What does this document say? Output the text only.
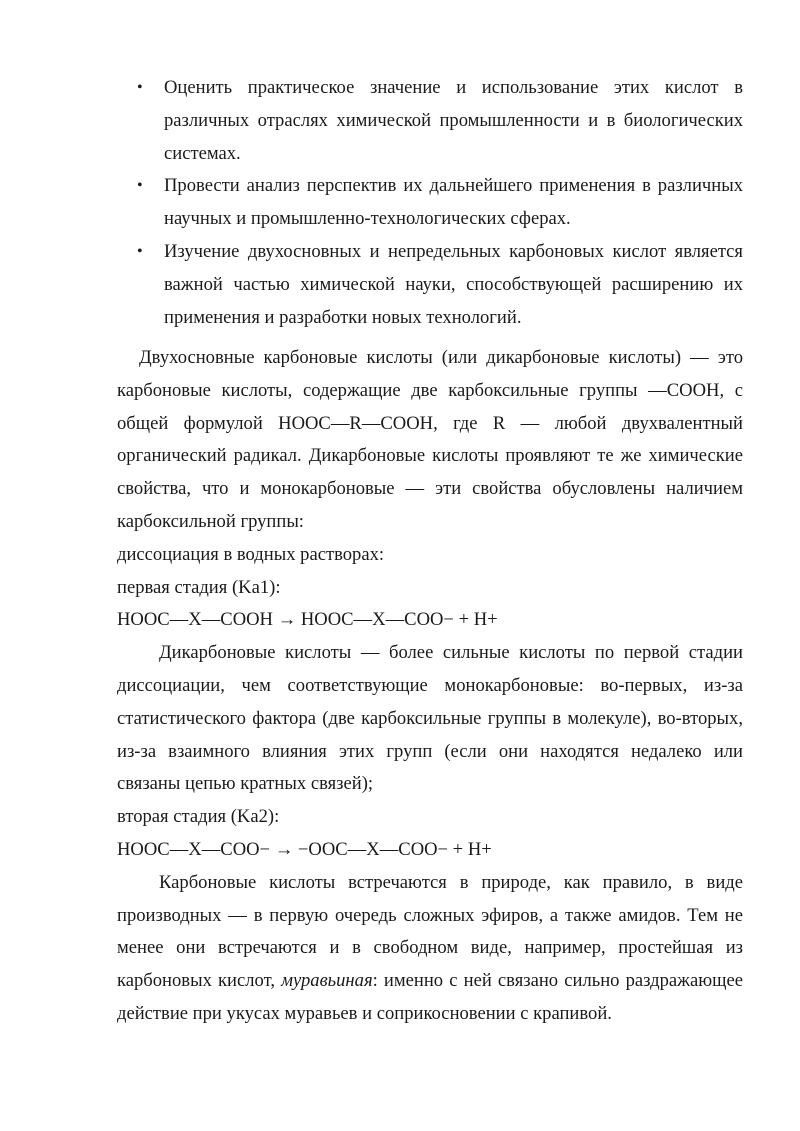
•	Оценить практическое значение и использование этих кислот в различных отраслях химической промышленности и в биологических системах.
•	Провести анализ перспектив их дальнейшего применения в различных научных и промышленно-технологических сферах.
•	Изучение двухосновных и непредельных карбоновых кислот является важной частью химической науки, способствующей расширению их применения и разработки новых технологий.

Двухосновные карбоновые кислоты (или дикарбоновые кислоты) — это карбоновые кислоты, содержащие две карбоксильные группы —COOH, с общей формулой HOOC—R—COOH, где R — любой двухвалентный органический радикал. Дикарбоновые кислоты проявляют те же химические свойства, что и монокарбоновые — эти свойства обусловлены наличием карбоксильной группы:

диссоциация в водных растворах:

первая стадия (Ka1):

HOOC—X—COOH → HOOC—X—COO− + H+

Дикарбоновые кислоты — более сильные кислоты по первой стадии диссоциации, чем соответствующие монокарбоновые: во-первых, из-за статистического фактора (две карбоксильные группы в молекуле), во-вторых, из-за взаимного влияния этих групп (если они находятся недалеко или связаны цепью кратных связей);

вторая стадия (Ka2):

HOOC—X—COO− → −OOC—X—COO− + H+

Карбоновые кислоты встречаются в природе, как правило, в виде производных — в первую очередь сложных эфиров, а также амидов. Тем не менее они встречаются и в свободном виде, например, простейшая из карбоновых кислот, муравьиная: именно с ней связано сильно раздражающее действие при укусах муравьев и соприкосновении с крапивой.
